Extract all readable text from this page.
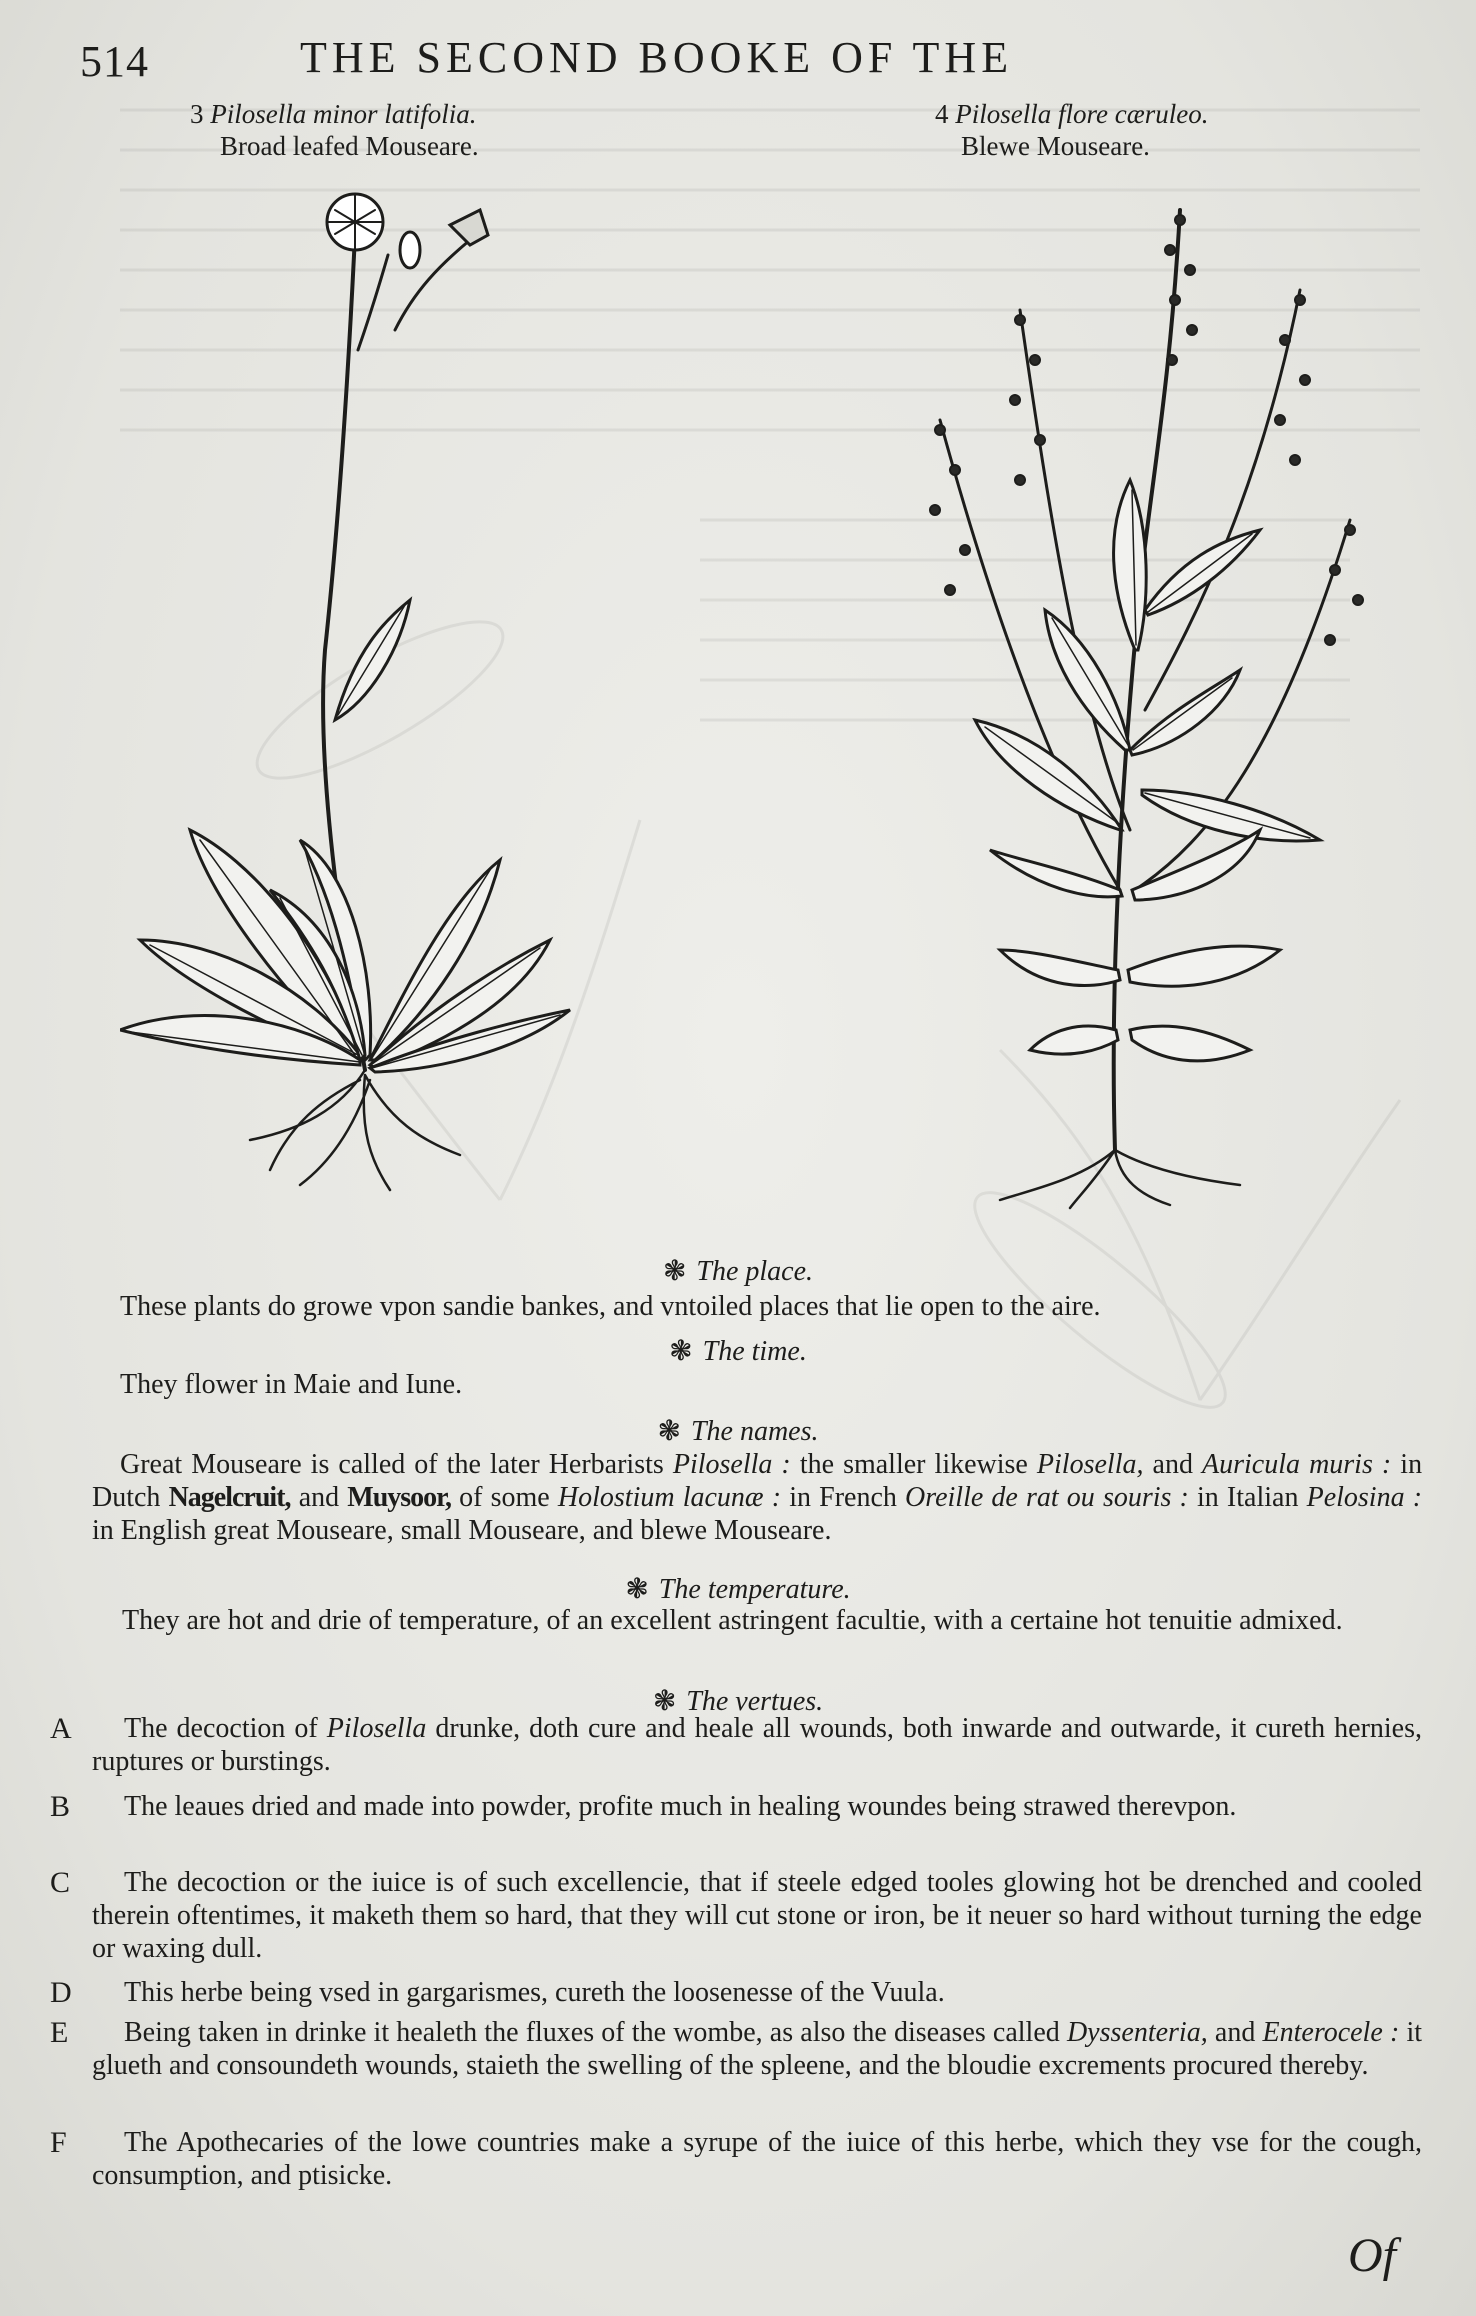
514	THE SECOND BOOKE OF THE
3 Pilosella minor latifolia.
Broad leafed Mouseare.
4 Pilosella flore cæruleo.
Blewe Mouseare.
❃ The place.
These plants do growe vpon sandie bankes, and vntoiled places that lie open to the aire.
❃ The time.
They flower in Maie and Iune.
❃ The names.
Great Mouseare is called of the later Herbarists Pilosella : the smaller likewise Pilosella, and Auricula muris : in Dutch Nagelcruit, and Muysoor, of some Holostium lacunæ : in French Oreille de rat ou souris : in Italian Pelosina : in English great Mouseare, small Mouseare, and blewe Mouseare.
❃ The temperature.
They are hot and drie of temperature, of an excellent astringent facultie, with a certaine hot tenuitie admixed.
❃ The vertues.
A	The decoction of Pilosella drunke, doth cure and heale all wounds, both inwarde and outwarde, it cureth hernies, ruptures or burstings.
B	The leaues dried and made into powder, profite much in healing woundes being strawed therevpon.
C	The decoction or the iuice is of such excellencie, that if steele edged tooles glowing hot be drenched and cooled therein oftentimes, it maketh them so hard, that they will cut stone or iron, be it neuer so hard without turning the edge or waxing dull.
D	This herbe being vsed in gargarismes, cureth the loosenesse of the Vuula.
E	Being taken in drinke it healeth the fluxes of the wombe, as also the diseases called Dyssenteria, and Enterocele : it glueth and consoundeth wounds, staieth the swelling of the spleene, and the bloudie excrements procured thereby.
F	The Apothecaries of the lowe countries make a syrupe of the iuice of this herbe, which they vse for the cough, consumption, and ptisicke.
Of
